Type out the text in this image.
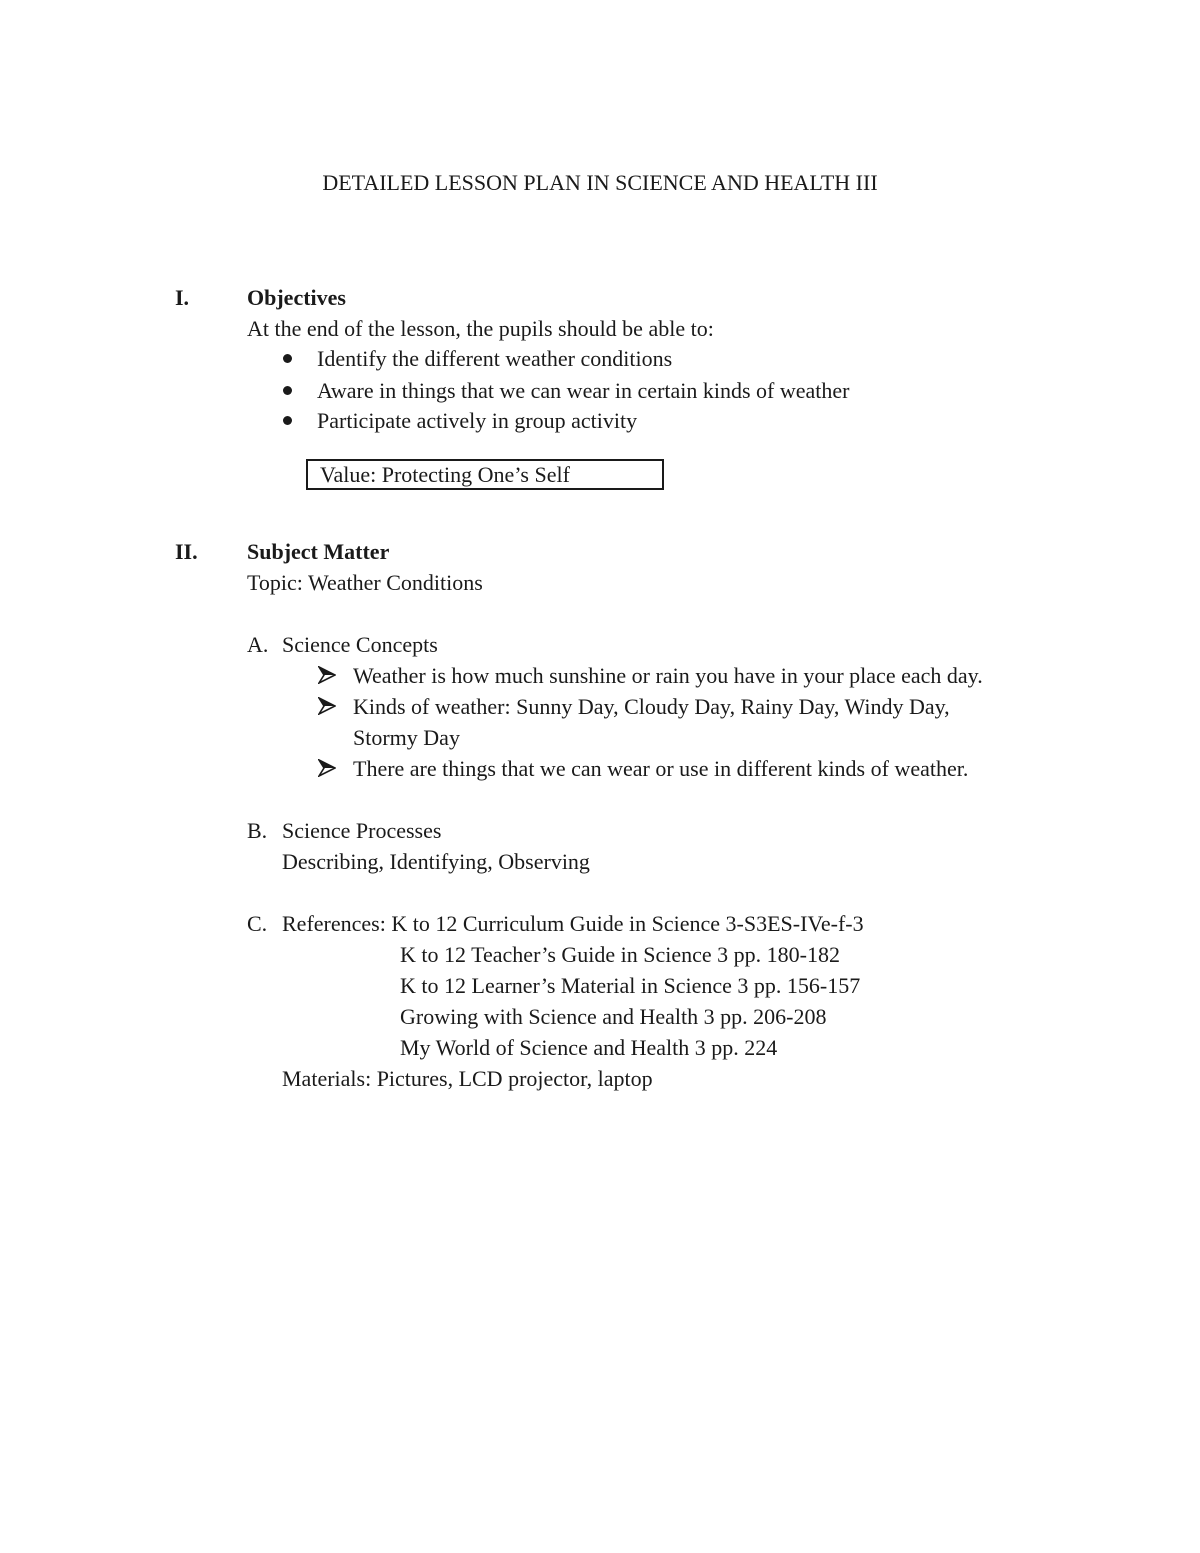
DETAILED LESSON PLAN IN SCIENCE AND HEALTH III
I.	Objectives
At the end of the lesson, the pupils should be able to:
Identify the different weather conditions
Aware in things that we can wear in certain kinds of weather
Participate actively in group activity
Value: Protecting One’s Self
II. Subject Matter
Topic: Weather Conditions
A. Science Concepts
Weather is how much sunshine or rain you have in your place each day.
Kinds of weather: Sunny Day, Cloudy Day, Rainy Day, Windy Day,
Stormy Day
There are things that we can wear or use in different kinds of weather.
B. Science Processes
Describing, Identifying, Observing
C. References: K to 12 Curriculum Guide in Science 3-S3ES-IVe-f-3
K to 12 Teacher’s Guide in Science 3 pp. 180-182
K to 12 Learner’s Material in Science 3 pp. 156-157
Growing with Science and Health 3 pp. 206-208
My World of Science and Health 3 pp. 224
Materials: Pictures, LCD projector, laptop
